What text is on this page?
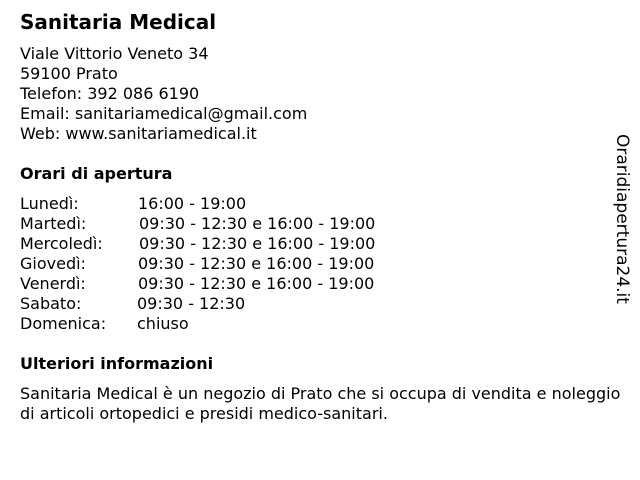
Sanitaria Medical
Viale Vittorio Veneto 34
59100 Prato
Telefon: 392 086 6190
Email: sanitariamedical@gmail.com
Web: www.sanitariamedical.it
Orari di apertura
Lunedì:	16:00 - 19:00
Martedì:	09:30 - 12:30 e 16:00 - 19:00
Mercoledì: 09:30 - 12:30 e 16:00 - 19:00
Giovedì:	09:30 - 12:30 e 16:00 - 19:00
Venerdì:	09:30 - 12:30 e 16:00 - 19:00
Sabato:	09:30 - 12:30
Domenica: chiuso
Ulteriori informazioni
Sanitaria Medical è un negozio di Prato che si occupa di vendita e noleggio di articoli ortopedici e presidi medico-sanitari.
Oraridiapertura24.it
